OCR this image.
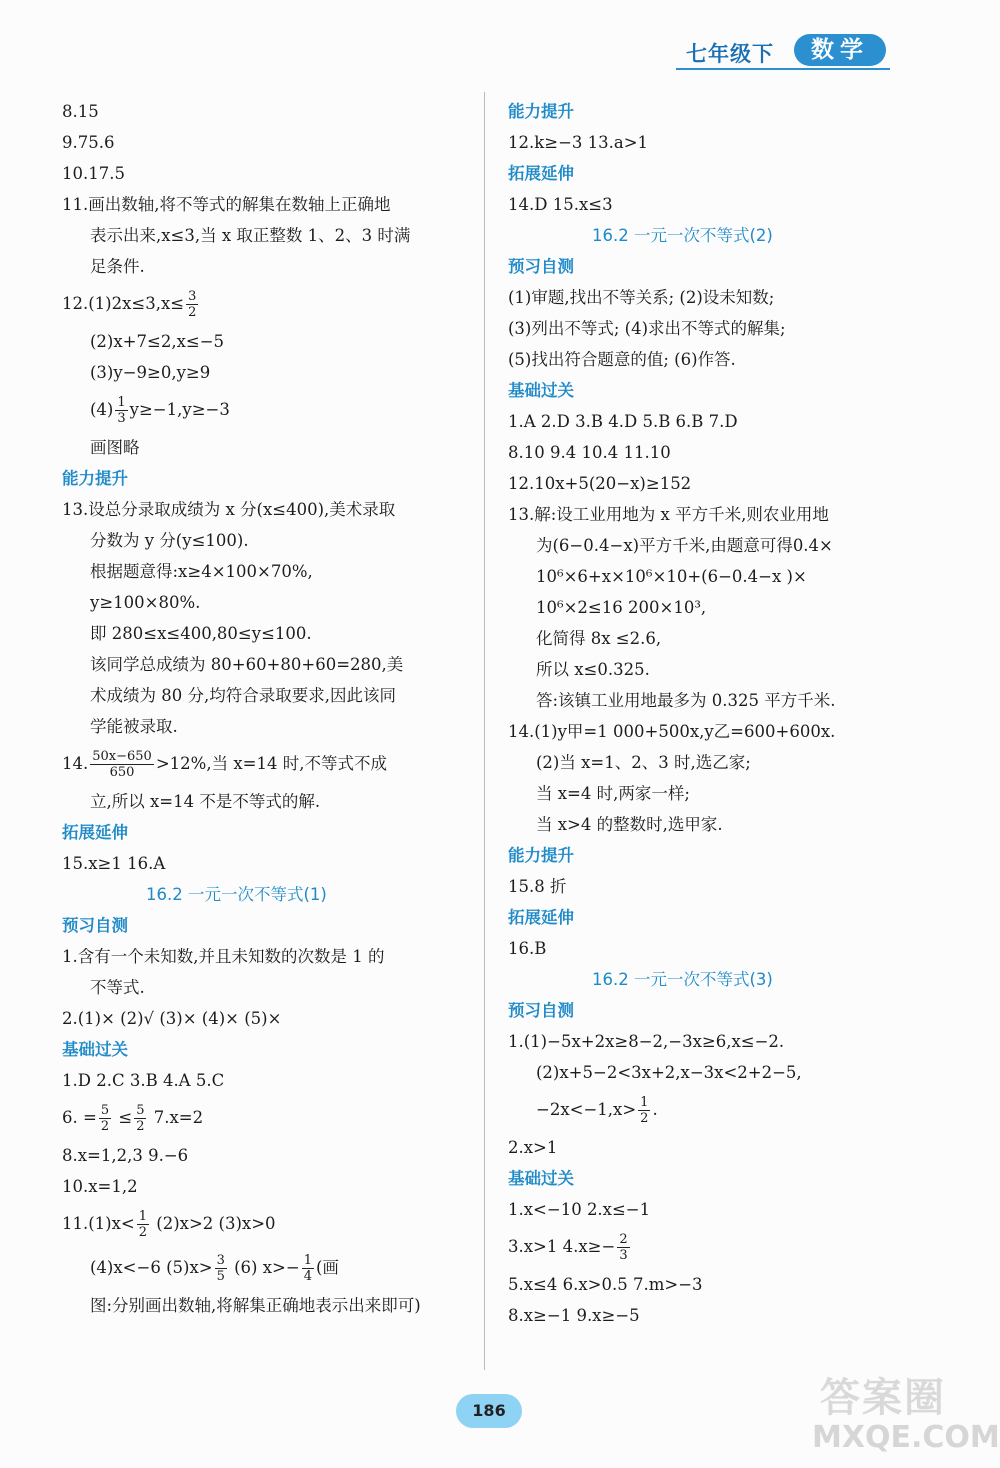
七年级下	数学
8.15
9.75.6
10.17.5
11.画出数轴,将不等式的解集在数轴上正确地
表示出来,x≤3,当 x 取正整数 1、2、3 时满
足条件.
$12.(1)2x\le 3,x\le \frac{3}{2}$
(2)x+7≤2,x≤−5
(3)y−9≥0,y≥9
$(4) \frac{1}{3} y\ge-1,y\ge-3$
画图略
能力提升
13.设总分录取成绩为 x 分(x≤400),美术录取
分数为 y 分(y≤100).
根据题意得:x≥4×100×70%,
y≥100×80%.
即 280≤x≤400,80≤y≤100.
该同学总成绩为 80+60+80+60=280,美
术成绩为 80 分,均符合录取要求,因此该同
学能被录取.
14. $\frac{50x-650}{650} >12\%$,当 x=14 时,不等式不成
立,所以 x=14 不是不等式的解.
拓展延伸
15.x≥1 16.A
16.2 一元一次不等式(1)
预习自测
1.含有一个未知数,并且未知数的次数是 1 的
不等式.
2.(1)× (2)√ (3)× (4)× (5)×
基础过关
1.D 2.C 3.B 4.A 5.C
6. = $\frac{5}{2} \le \frac{5}{2} 7.x=2$
8.x=1,2,3 9.−6
10.x=1,2
$11.(1)x< \frac{1}{2} (2)x>2$ (3)x>0
(4)x<−6 $(5)x> \frac{3}{5} (6)$ $x>- \frac{1}{4}$ (画
图:分别画出数轴,将解集正确地表示出来即可)
能力提升
12.k≥−3 13.a>1
拓展延伸
14.D 15.x≤3
16.2 一元一次不等式(2)
预习自测
(1)审题,找出不等关系; (2)设未知数;
(3)列出不等式; (4)求出不等式的解集;
(5)找出符合题意的值; (6)作答.
基础过关
1.A 2.D 3.B 4.D 5.B 6.B 7.D
8.10 9.4 10.4 11.10
12.10x+5(20−x)≥152
13.解:设工业用地为 x 平方千米,则农业用地
为(6−0.4−x)平方千米,由题意可得0.4×
10⁶×6+x×10⁶×10+(6−0.4−x )×
10⁶×2≤16 200×10³,
化简得 8x ≤2.6,
所以 x≤0.325.
答:该镇工业用地最多为 0.325 平方千米.
14.(1)y甲=1 000+500x,y乙=600+600x.
(2)当 x=1、2、3 时,选乙家;
当 x=4 时,两家一样;
当 x>4 的整数时,选甲家.
能力提升
15.8 折
拓展延伸
16.B
16.2 一元一次不等式(3)
预习自测
1.(1)−5x+2x≥8−2,−3x≥6,x≤−2.
(2)x+5−2<3x+2,x−3x<2+2−5,
$-2x<-1,x> \frac{1}{2}$ .
2.x>1
基础过关
1.x<−10 2.x≤−1
3.x>1 $4.x\ge- \frac{2}{3}$
5.x≤4 6.x>0.5 7.m>−3
8.x≥−1 9.x≥−5
186	答案圈
MXQE.COM
